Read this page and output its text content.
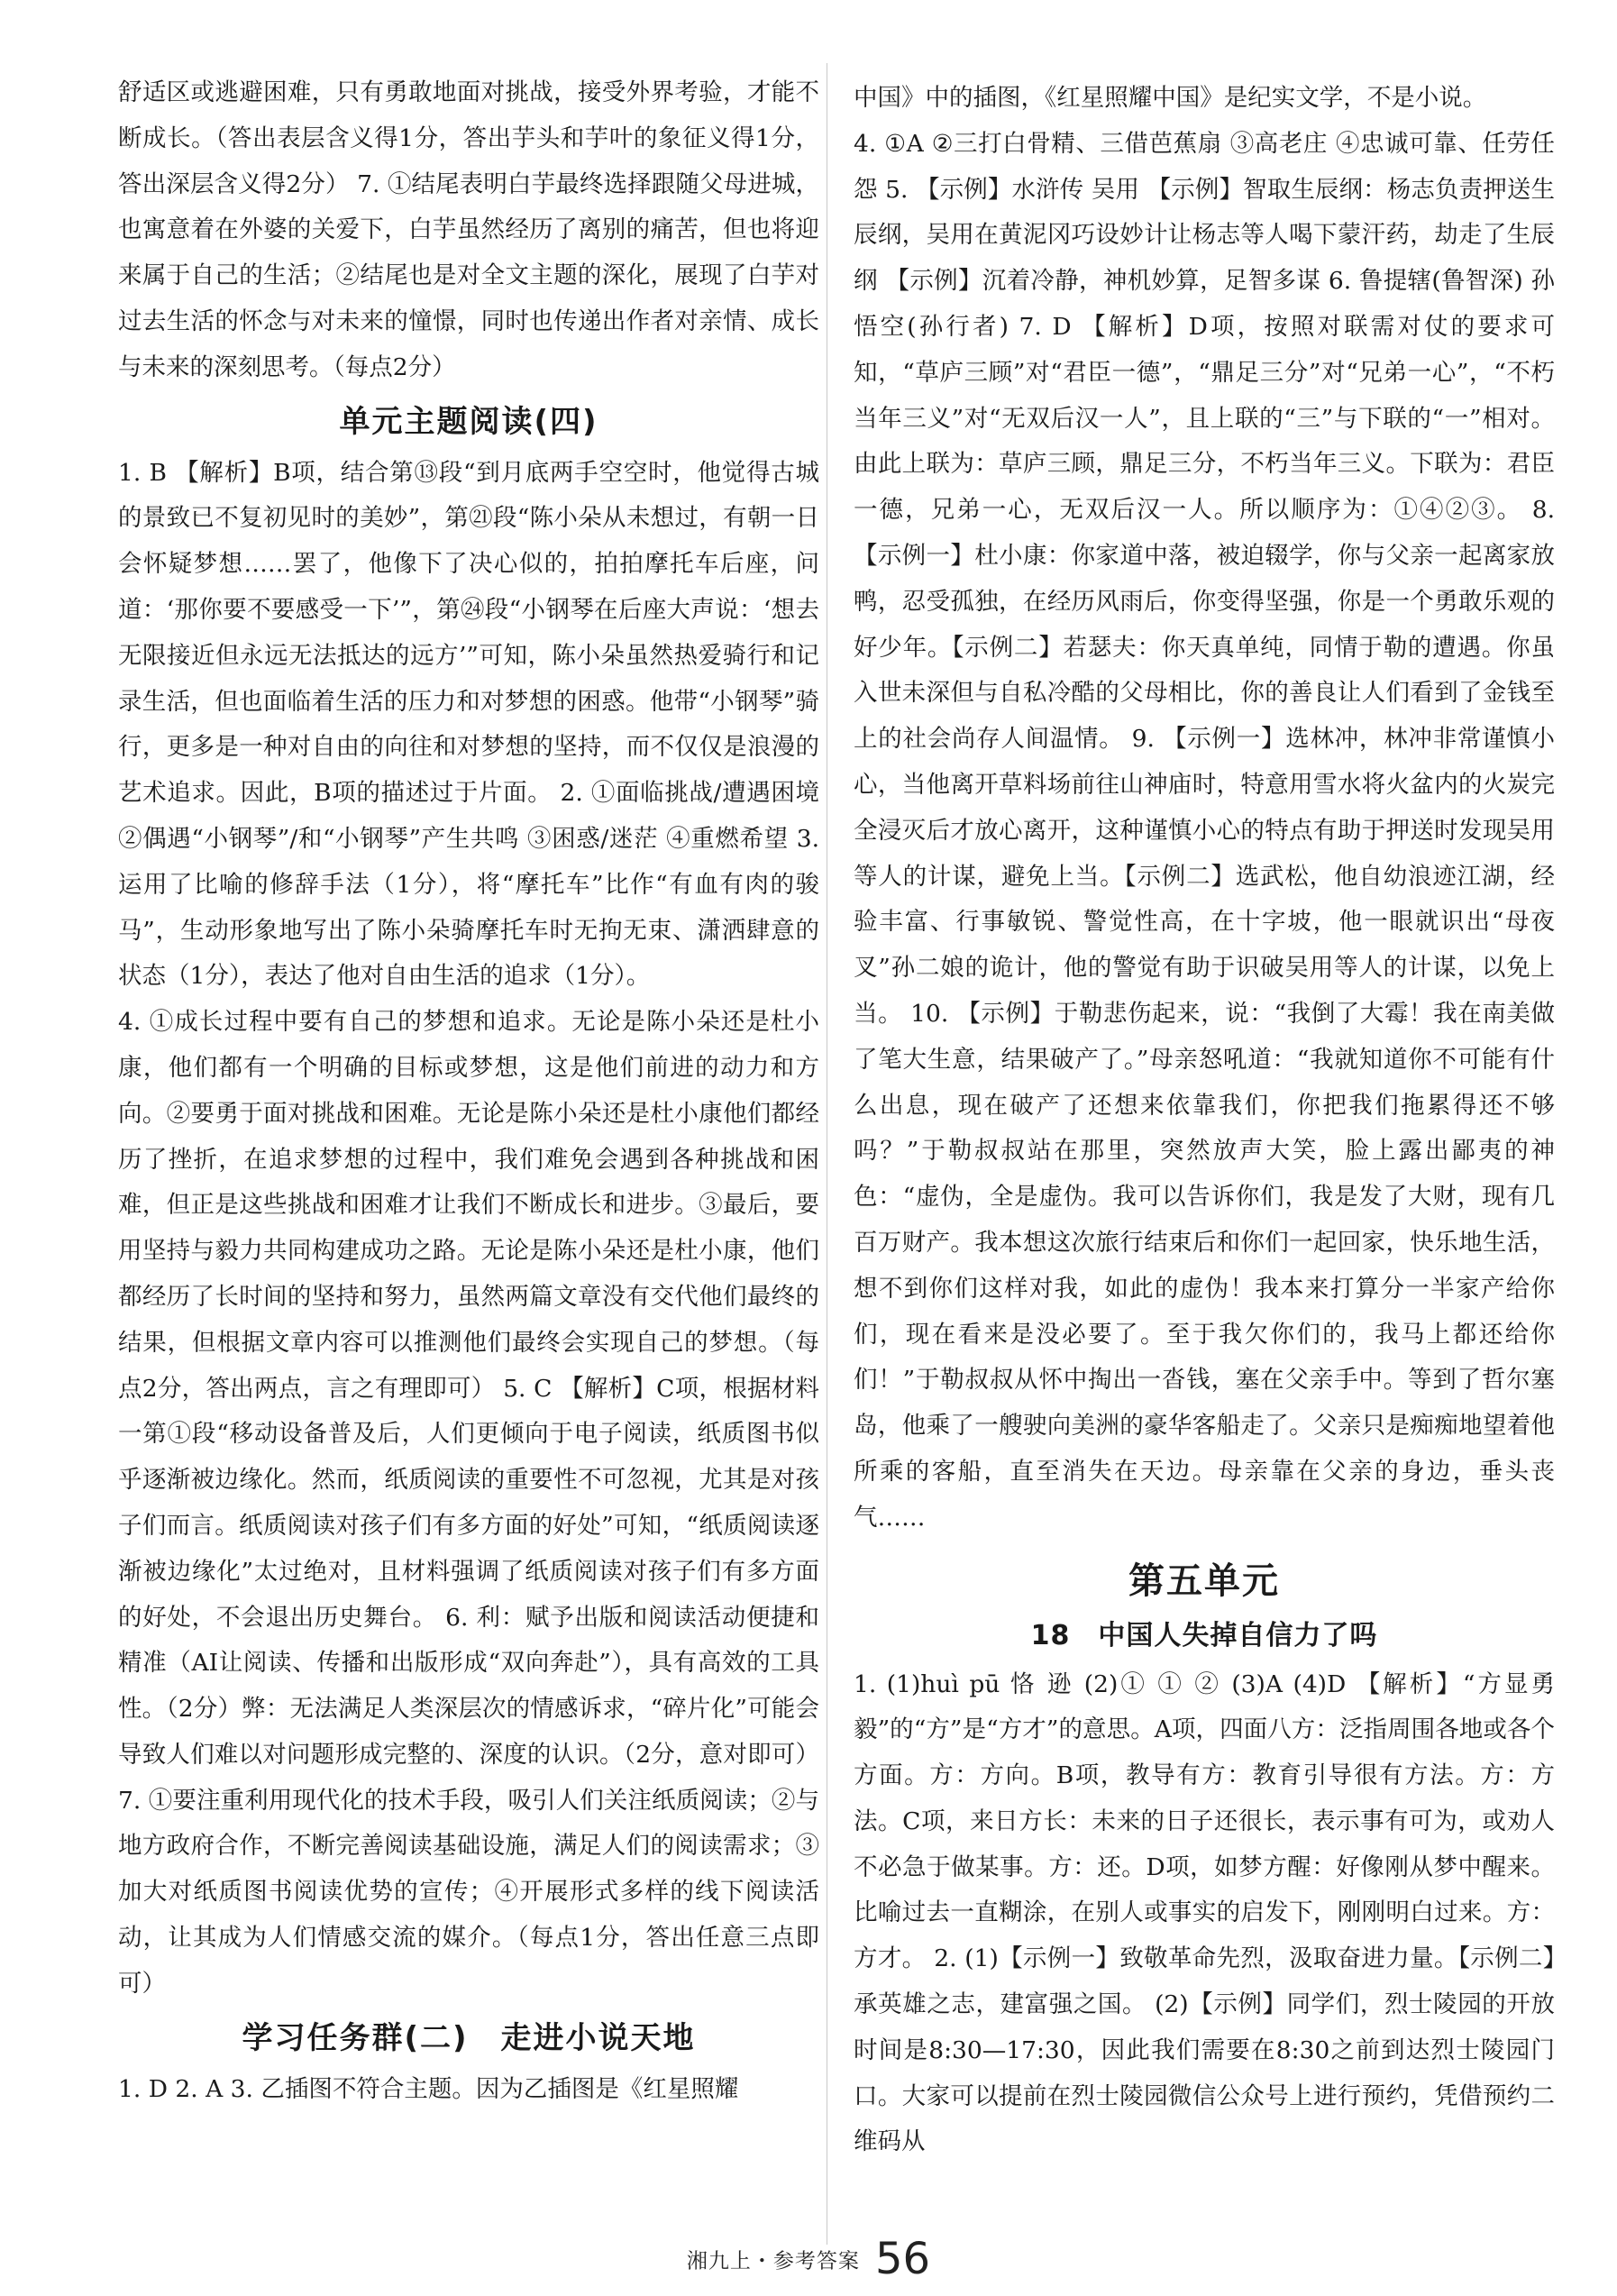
舒适区或逃避困难，只有勇敢地面对挑战，接受外界考验，才能不断成长。（答出表层含义得1分，答出芋头和芋叶的象征义得1分，答出深层含义得2分） 7. ①结尾表明白芋最终选择跟随父母进城，也寓意着在外婆的关爱下，白芋虽然经历了离别的痛苦，但也将迎来属于自己的生活；②结尾也是对全文主题的深化，展现了白芋对过去生活的怀念与对未来的憧憬，同时也传递出作者对亲情、成长与未来的深刻思考。（每点2分）

单元主题阅读(四)

1. B 【解析】B项，结合第⑬段“到月底两手空空时，他觉得古城的景致已不复初见时的美妙”，第㉑段“陈小朵从未想过，有朝一日会怀疑梦想……罢了，他像下了决心似的，拍拍摩托车后座，问道：‘那你要不要感受一下’”，第㉔段“小钢琴在后座大声说：‘想去无限接近但永远无法抵达的远方’”可知，陈小朵虽然热爱骑行和记录生活，但也面临着生活的压力和对梦想的困惑。他带“小钢琴”骑行，更多是一种对自由的向往和对梦想的坚持，而不仅仅是浪漫的艺术追求。因此，B项的描述过于片面。 2. ①面临挑战/遭遇困境 ②偶遇“小钢琴”/和“小钢琴”产生共鸣 ③困惑/迷茫 ④重燃希望 3. 运用了比喻的修辞手法（1分），将“摩托车”比作“有血有肉的骏马”，生动形象地写出了陈小朵骑摩托车时无拘无束、潇洒肆意的状态（1分），表达了他对自由生活的追求（1分）。

4. ①成长过程中要有自己的梦想和追求。无论是陈小朵还是杜小康，他们都有一个明确的目标或梦想，这是他们前进的动力和方向。②要勇于面对挑战和困难。无论是陈小朵还是杜小康他们都经历了挫折，在追求梦想的过程中，我们难免会遇到各种挑战和困难，但正是这些挑战和困难才让我们不断成长和进步。③最后，要用坚持与毅力共同构建成功之路。无论是陈小朵还是杜小康，他们都经历了长时间的坚持和努力，虽然两篇文章没有交代他们最终的结果，但根据文章内容可以推测他们最终会实现自己的梦想。（每点2分，答出两点，言之有理即可） 5. C 【解析】C项，根据材料一第①段“移动设备普及后，人们更倾向于电子阅读，纸质图书似乎逐渐被边缘化。然而，纸质阅读的重要性不可忽视，尤其是对孩子们而言。纸质阅读对孩子们有多方面的好处”可知，“纸质阅读逐渐被边缘化”太过绝对，且材料强调了纸质阅读对孩子们有多方面的好处，不会退出历史舞台。 6. 利：赋予出版和阅读活动便捷和精准（AI让阅读、传播和出版形成“双向奔赴”），具有高效的工具性。（2分）弊：无法满足人类深层次的情感诉求，“碎片化”可能会导致人们难以对问题形成完整的、深度的认识。（2分，意对即可） 7. ①要注重利用现代化的技术手段，吸引人们关注纸质阅读；②与地方政府合作，不断完善阅读基础设施，满足人们的阅读需求；③加大对纸质图书阅读优势的宣传；④开展形式多样的线下阅读活动，让其成为人们情感交流的媒介。（每点1分，答出任意三点即可）

学习任务群(二)　走进小说天地

1. D 2. A 3. 乙插图不符合主题。因为乙插图是《红星照耀

中国》中的插图，《红星照耀中国》是纪实文学，不是小说。

4. ①A ②三打白骨精、三借芭蕉扇 ③高老庄 ④忠诚可靠、任劳任怨 5. 【示例】水浒传 吴用 【示例】智取生辰纲：杨志负责押送生辰纲，吴用在黄泥冈巧设妙计让杨志等人喝下蒙汗药，劫走了生辰纲 【示例】沉着冷静，神机妙算，足智多谋 6. 鲁提辖(鲁智深) 孙悟空(孙行者) 7. D 【解析】D项，按照对联需对仗的要求可知，“草庐三顾”对“君臣一德”，“鼎足三分”对“兄弟一心”，“不朽当年三义”对“无双后汉一人”，且上联的“三”与下联的“一”相对。由此上联为：草庐三顾，鼎足三分，不朽当年三义。下联为：君臣一德，兄弟一心，无双后汉一人。所以顺序为：①④②③。 8. 【示例一】杜小康：你家道中落，被迫辍学，你与父亲一起离家放鸭，忍受孤独，在经历风雨后，你变得坚强，你是一个勇敢乐观的好少年。【示例二】若瑟夫：你天真单纯，同情于勒的遭遇。你虽入世未深但与自私冷酷的父母相比，你的善良让人们看到了金钱至上的社会尚存人间温情。 9. 【示例一】选林冲，林冲非常谨慎小心，当他离开草料场前往山神庙时，特意用雪水将火盆内的火炭完全浸灭后才放心离开，这种谨慎小心的特点有助于押送时发现吴用等人的计谋，避免上当。【示例二】选武松，他自幼浪迹江湖，经验丰富、行事敏锐、警觉性高，在十字坡，他一眼就识出“母夜叉”孙二娘的诡计，他的警觉有助于识破吴用等人的计谋，以免上当。 10. 【示例】于勒悲伤起来，说：“我倒了大霉！我在南美做了笔大生意，结果破产了。”母亲怒吼道：“我就知道你不可能有什么出息，现在破产了还想来依靠我们，你把我们拖累得还不够吗？”于勒叔叔站在那里，突然放声大笑，脸上露出鄙夷的神色：“虚伪，全是虚伪。我可以告诉你们，我是发了大财，现有几百万财产。我本想这次旅行结束后和你们一起回家，快乐地生活，想不到你们这样对我，如此的虚伪！我本来打算分一半家产给你们，现在看来是没必要了。至于我欠你们的，我马上都还给你们！”于勒叔叔从怀中掏出一沓钱，塞在父亲手中。等到了哲尔塞岛，他乘了一艘驶向美洲的豪华客船走了。父亲只是痴痴地望着他所乘的客船，直至消失在天边。母亲靠在父亲的身边，垂头丧气……

第五单元
18　中国人失掉自信力了吗

1. (1)huì pū 恪 逊 (2)① ① ② (3)A (4)D 【解析】“方显勇毅”的“方”是“方才”的意思。A项，四面八方：泛指周围各地或各个方面。方：方向。B项，教导有方：教育引导很有方法。方：方法。C项，来日方长：未来的日子还很长，表示事有可为，或劝人不必急于做某事。方：还。D项，如梦方醒：好像刚从梦中醒来。比喻过去一直糊涂，在别人或事实的启发下，刚刚明白过来。方：方才。 2. (1)【示例一】致敬革命先烈，汲取奋进力量。【示例二】承英雄之志，建富强之国。 (2)【示例】同学们，烈士陵园的开放时间是8:30—17:30，因此我们需要在8:30之前到达烈士陵园门口。大家可以提前在烈士陵园微信公众号上进行预约，凭借预约二维码从

湘九上・参考答案 56
